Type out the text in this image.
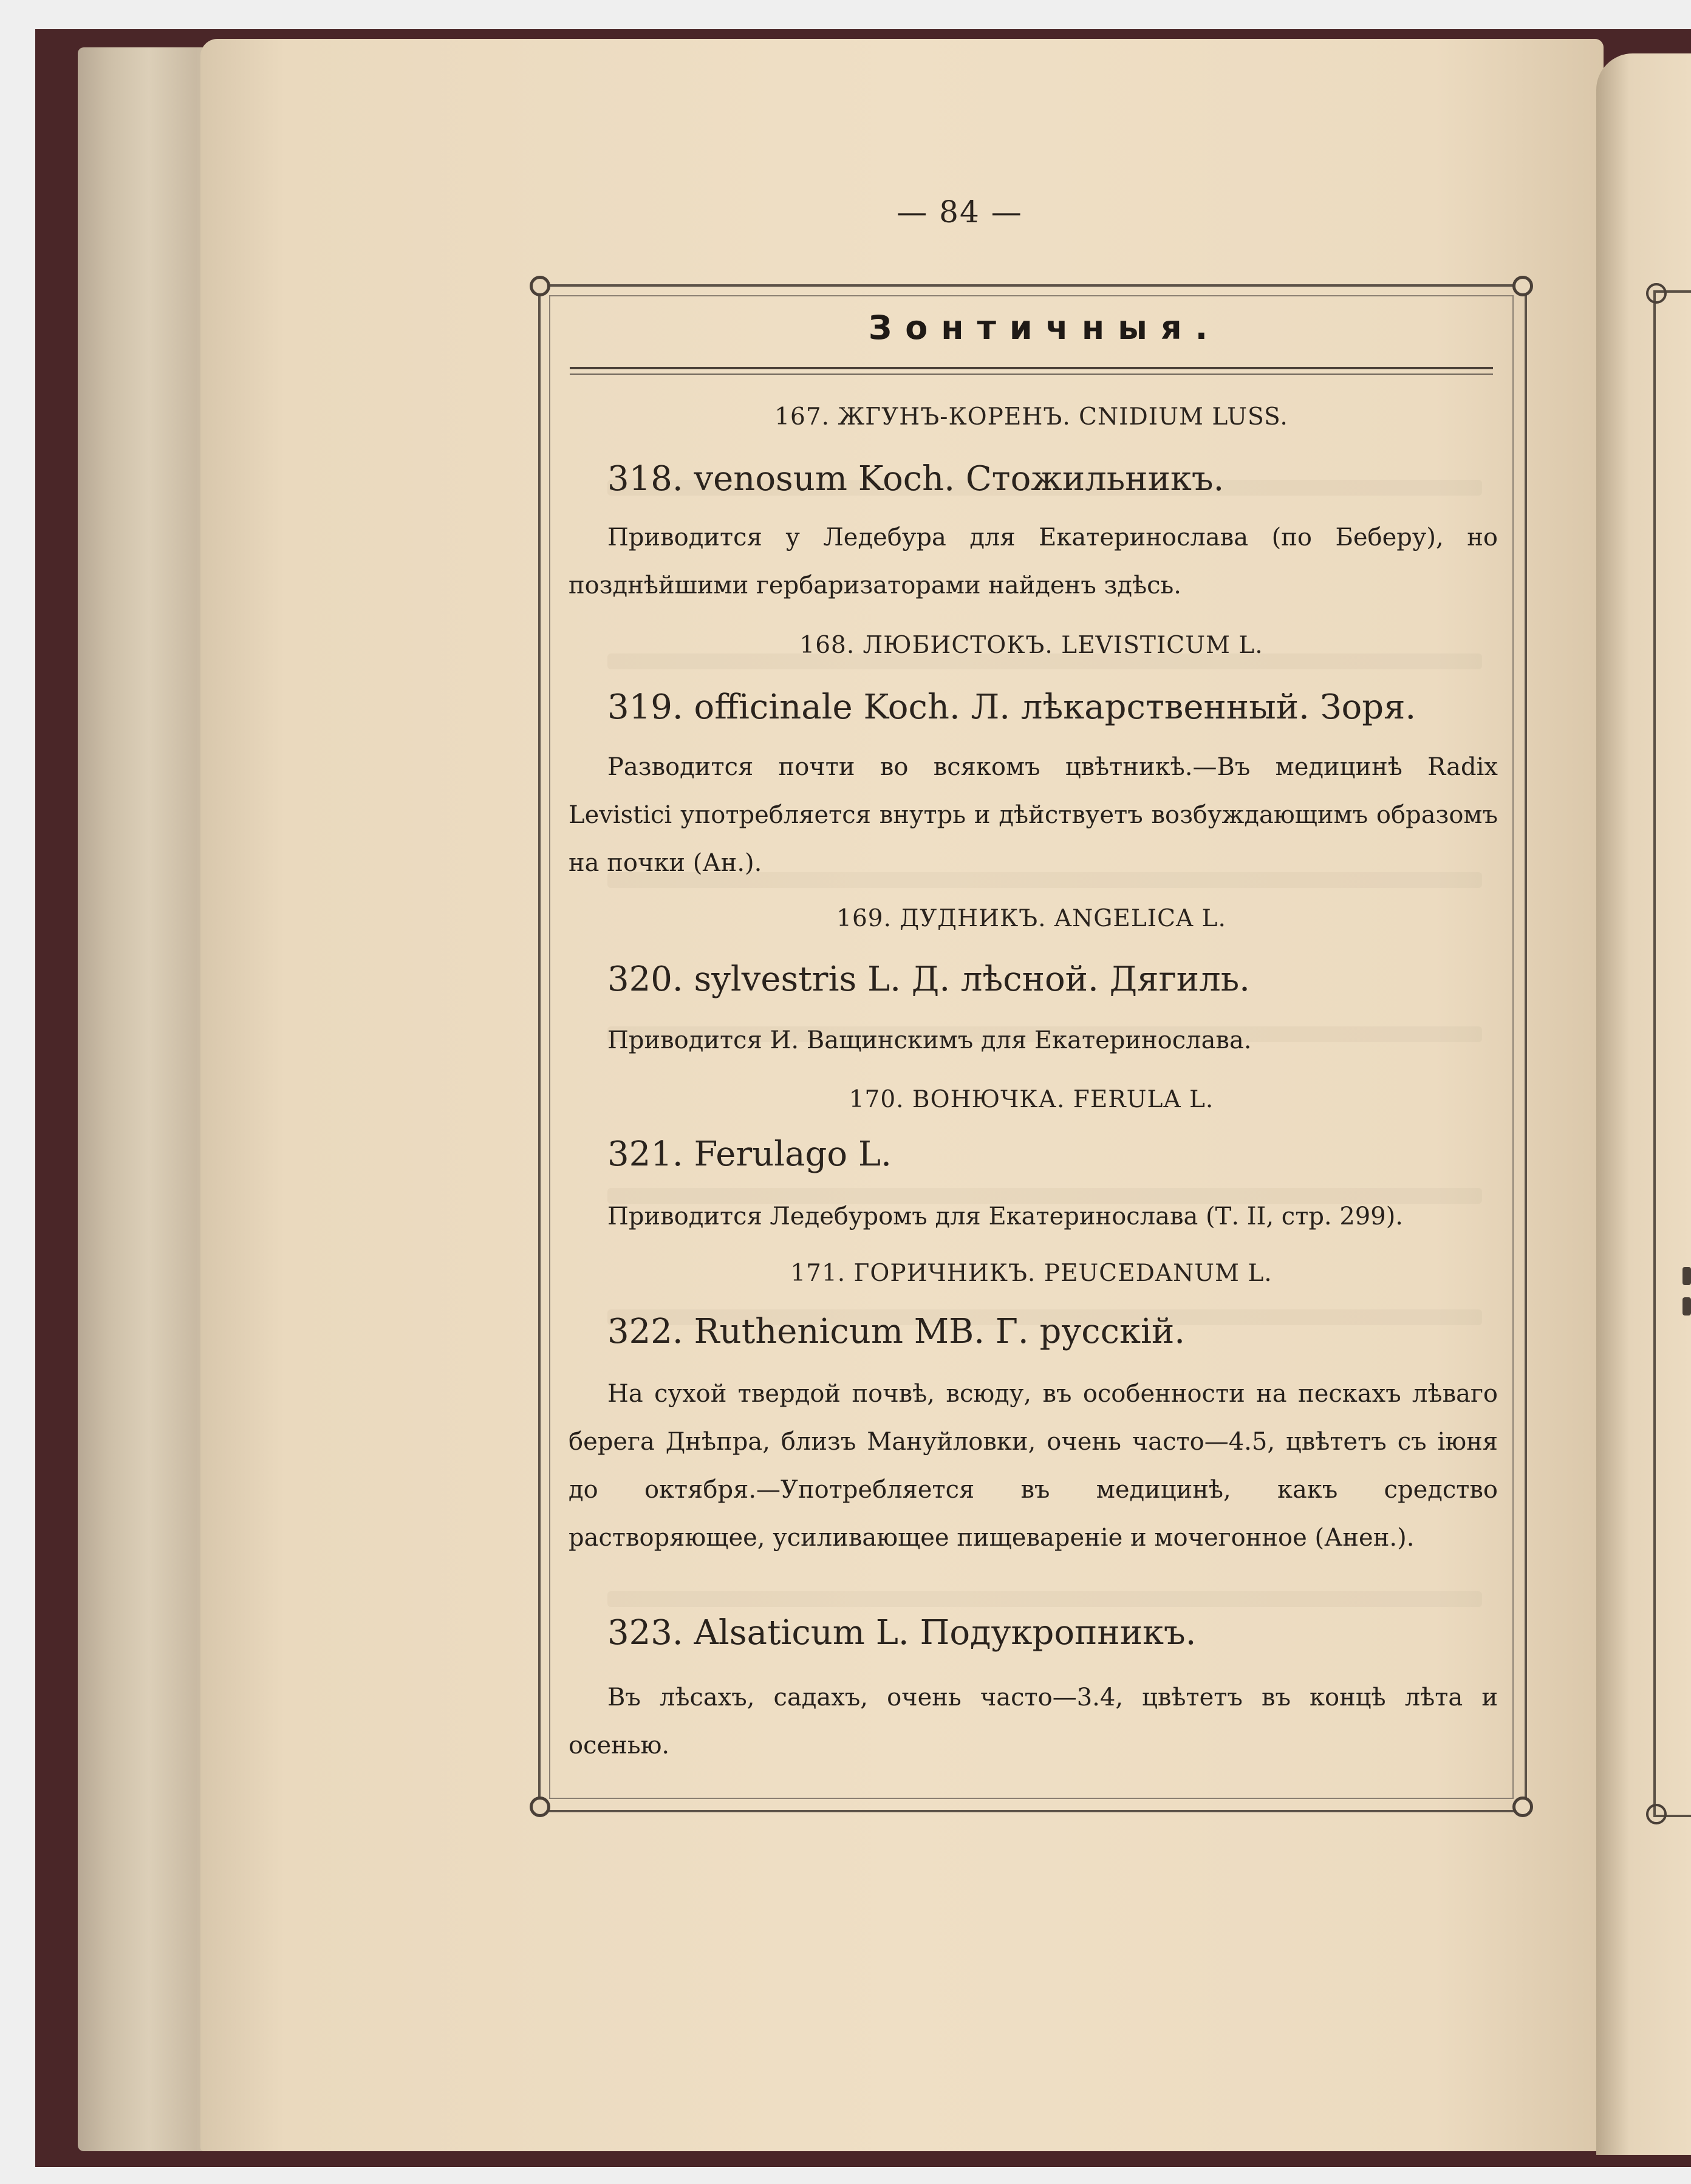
— 84 —
Зонтичныя.
167. ЖГУНЪ-КОРЕНЪ. CNIDIUM LUSS.
318. venosum Koch. Стожильникъ.
Приводится у Ледебура для Екатеринослава (по Беберу), но позднѣйшими гербаризаторами найденъ здѣсь.
168. ЛЮБИСТОКЪ. LEVISTICUM L.
319. officinale Koch. Л. лѣкарственный. Зоря.
Разводится почти во всякомъ цвѣтникѣ.—Въ медицинѣ Radix Levistici употребляется внутрь и дѣйствуетъ возбуждающимъ образомъ на почки (Ан.).
169. ДУДНИКЪ. ANGELICA L.
320. sylvestris L. Д. лѣсной. Дягиль.
Приводится И. Ващинскимъ для Екатеринослава.
170. ВОНЮЧКА. FERULA L.
321. Ferulago L.
Приводится Ледебуромъ для Екатеринослава (Т. II, стр. 299).
171. ГОРИЧНИКЪ. PEUCEDANUM L.
322. Ruthenicum MB. Г. русскій.
На сухой твердой почвѣ, всюду, въ особенности на пескахъ лѣваго берега Днѣпра, близъ Мануйловки, очень часто—4.5, цвѣтетъ съ іюня до октября.—Употребляется въ медицинѣ, какъ средство растворяющее, усиливающее пищевареніе и мочегонное (Анен.).
323. Alsaticum L. Подукропникъ.
Въ лѣсахъ, садахъ, очень часто—3.4, цвѣтетъ въ концѣ лѣта и осенью.
